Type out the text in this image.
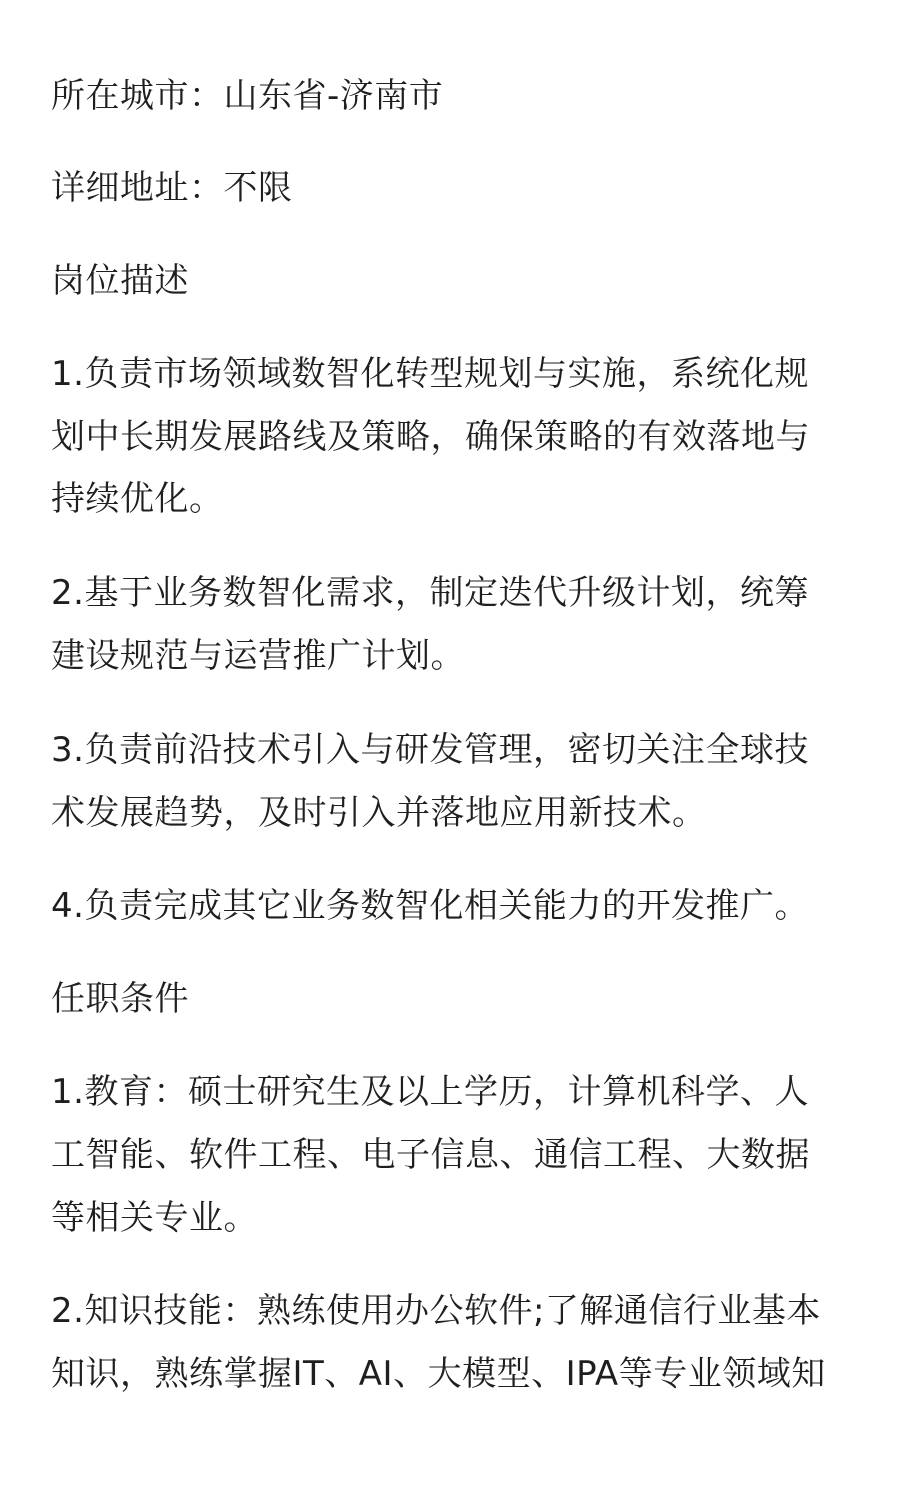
所在城市：山东省-济南市
详细地址：不限
岗位描述
1.负责市场领域数智化转型规划与实施，系统化规
划中长期发展路线及策略，确保策略的有效落地与
持续优化。
2.基于业务数智化需求，制定迭代升级计划，统筹
建设规范与运营推广计划。
3.负责前沿技术引入与研发管理，密切关注全球技
术发展趋势，及时引入并落地应用新技术。
4.负责完成其它业务数智化相关能力的开发推广。
任职条件
1.教育：硕士研究生及以上学历，计算机科学、人
工智能、软件工程、电子信息、通信工程、大数据
等相关专业。
2.知识技能：熟练使用办公软件;了解通信行业基本
知识，熟练掌握IT、AI、大模型、IPA等专业领域知
